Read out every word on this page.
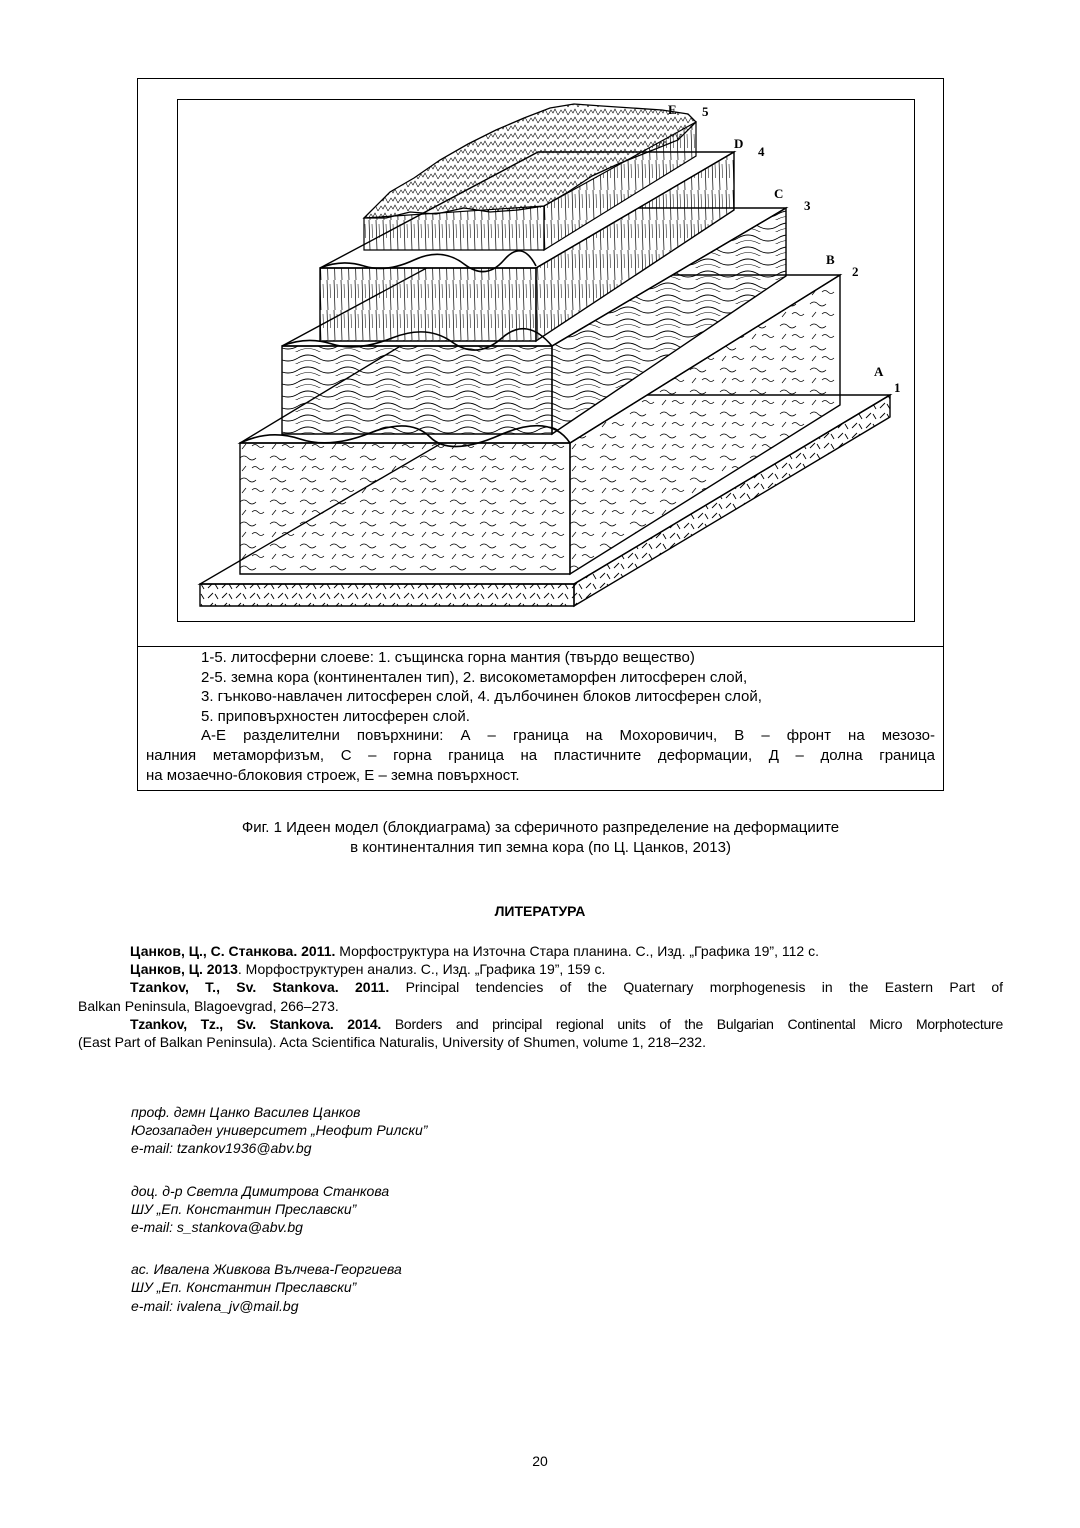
E 5
D
4
C
3
B
2
A
1
1-5. литосферни слоеве: 1. същинска горна мантия (твърдо вещество)
2-5. земна кора (континентален тип), 2. високометаморфен литосферен слой,
3. гънково-навлачен литосферен слой, 4. дълбочинен блоков литосферен слой,
5. приповърхностен литосферен слой.
А-Е разделителни повърхнини: А – граница на Мохоровичич, В – фронт на мезозо-
налния метаморфизъм, С – горна граница на пластичните деформации, Д – долна граница
на мозаечно-блоковия строеж, Е – земна повърхност.
Фиг. 1 Идеен модел (блокдиаграма) за сферичното разпределение на деформациите
в континенталния тип земна кора (по Ц. Цанков, 2013)
ЛИТЕРАТУРА
Цанков, Ц., С. Станкова. 2011. Морфоструктура на Източна Стара планина. С., Изд. „Графика 19”, 112 с.
Цанков, Ц. 2013. Морфоструктурен анализ. С., Изд. „Графика 19”, 159 с.
Tzankov, T., Sv. Stankova. 2011. Principal tendencies of the Quaternary morphogenesis in the Eastern Part of
Balkan Peninsula, Blagoevgrad, 266–273.
Tzankov, Tz., Sv. Stankova. 2014. Borders and principal regional units of the Bulgarian Continental Micro Morphotecture
(East Part of Balkan Peninsula). Acta Scientifica Naturalis, University of Shumen, volume 1, 218–232.
проф. дгмн Цанко Василев Цанков
Югозападен университет „Неофит Рилски”
e-mail: tzankov1936@abv.bg
доц. д-р Светла Димитрова Станкова
ШУ „Еп. Константин Преславски”
e-mail: s_stankova@abv.bg
ас. Ивалена Живкова Вълчева-Георгиева
ШУ „Еп. Константин Преславски”
e-mail: ivalena_jv@mail.bg
20
